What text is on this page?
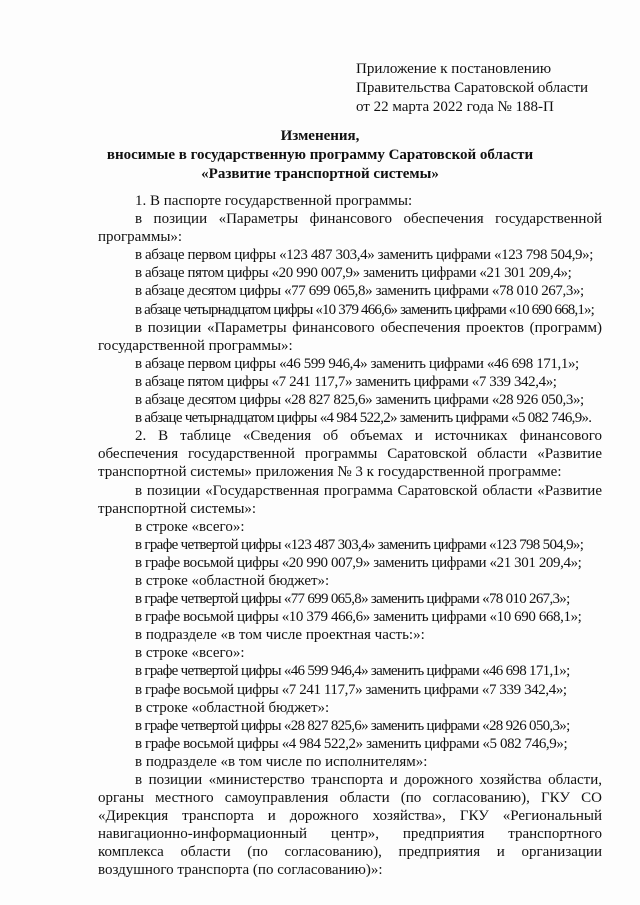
Приложение к постановлению
Правительства Саратовской области
от 22 марта 2022 года № 188-П
Изменения,
вносимые в государственную программу Саратовской области
«Развитие транспортной системы»

1. В паспорте государственной программы:

в позиции «Параметры финансового обеспечения государственной программы»:

в абзаце первом цифры «123 487 303,4» заменить цифрами «123 798 504,9»;

в абзаце пятом цифры «20 990 007,9» заменить цифрами «21 301 209,4»;

в абзаце десятом цифры «77 699 065,8» заменить цифрами «78 010 267,3»;

в абзаце четырнадцатом цифры «10 379 466,6» заменить цифрами «10 690 668,1»;

в позиции «Параметры финансового обеспечения проектов (программ) государственной программы»:

в абзаце первом цифры «46 599 946,4» заменить цифрами «46 698 171,1»;

в абзаце пятом цифры «7 241 117,7» заменить цифрами «7 339 342,4»;

в абзаце десятом цифры «28 827 825,6» заменить цифрами «28 926 050,3»;

в абзаце четырнадцатом цифры «4 984 522,2» заменить цифрами «5 082 746,9».

2. В таблице «Сведения об объемах и источниках финансового обеспечения государственной программы Саратовской области «Развитие транспортной системы» приложения № 3 к государственной программе:

в позиции «Государственная программа Саратовской области «Развитие транспортной системы»:

в строке «всего»:

в графе четвертой цифры «123 487 303,4» заменить цифрами «123 798 504,9»;

в графе восьмой цифры «20 990 007,9» заменить цифрами «21 301 209,4»;

в строке «областной бюджет»:

в графе четвертой цифры «77 699 065,8» заменить цифрами «78 010 267,3»;

в графе восьмой цифры «10 379 466,6» заменить цифрами «10 690 668,1»;

в подразделе «в том числе проектная часть:»:

в строке «всего»:

в графе четвертой цифры «46 599 946,4» заменить цифрами «46 698 171,1»;

в графе восьмой цифры «7 241 117,7» заменить цифрами «7 339 342,4»;

в строке «областной бюджет»:

в графе четвертой цифры «28 827 825,6» заменить цифрами «28 926 050,3»;

в графе восьмой цифры «4 984 522,2» заменить цифрами «5 082 746,9»;

в подразделе «в том числе по исполнителям»:

в позиции «министерство транспорта и дорожного хозяйства области, органы местного самоуправления области (по согласованию), ГКУ СО «Дирекция транспорта и дорожного хозяйства», ГКУ «Региональный навигационно-информационный центр», предприятия транспортного комплекса области (по согласованию), предприятия и организации воздушного транспорта (по согласованию)»:
